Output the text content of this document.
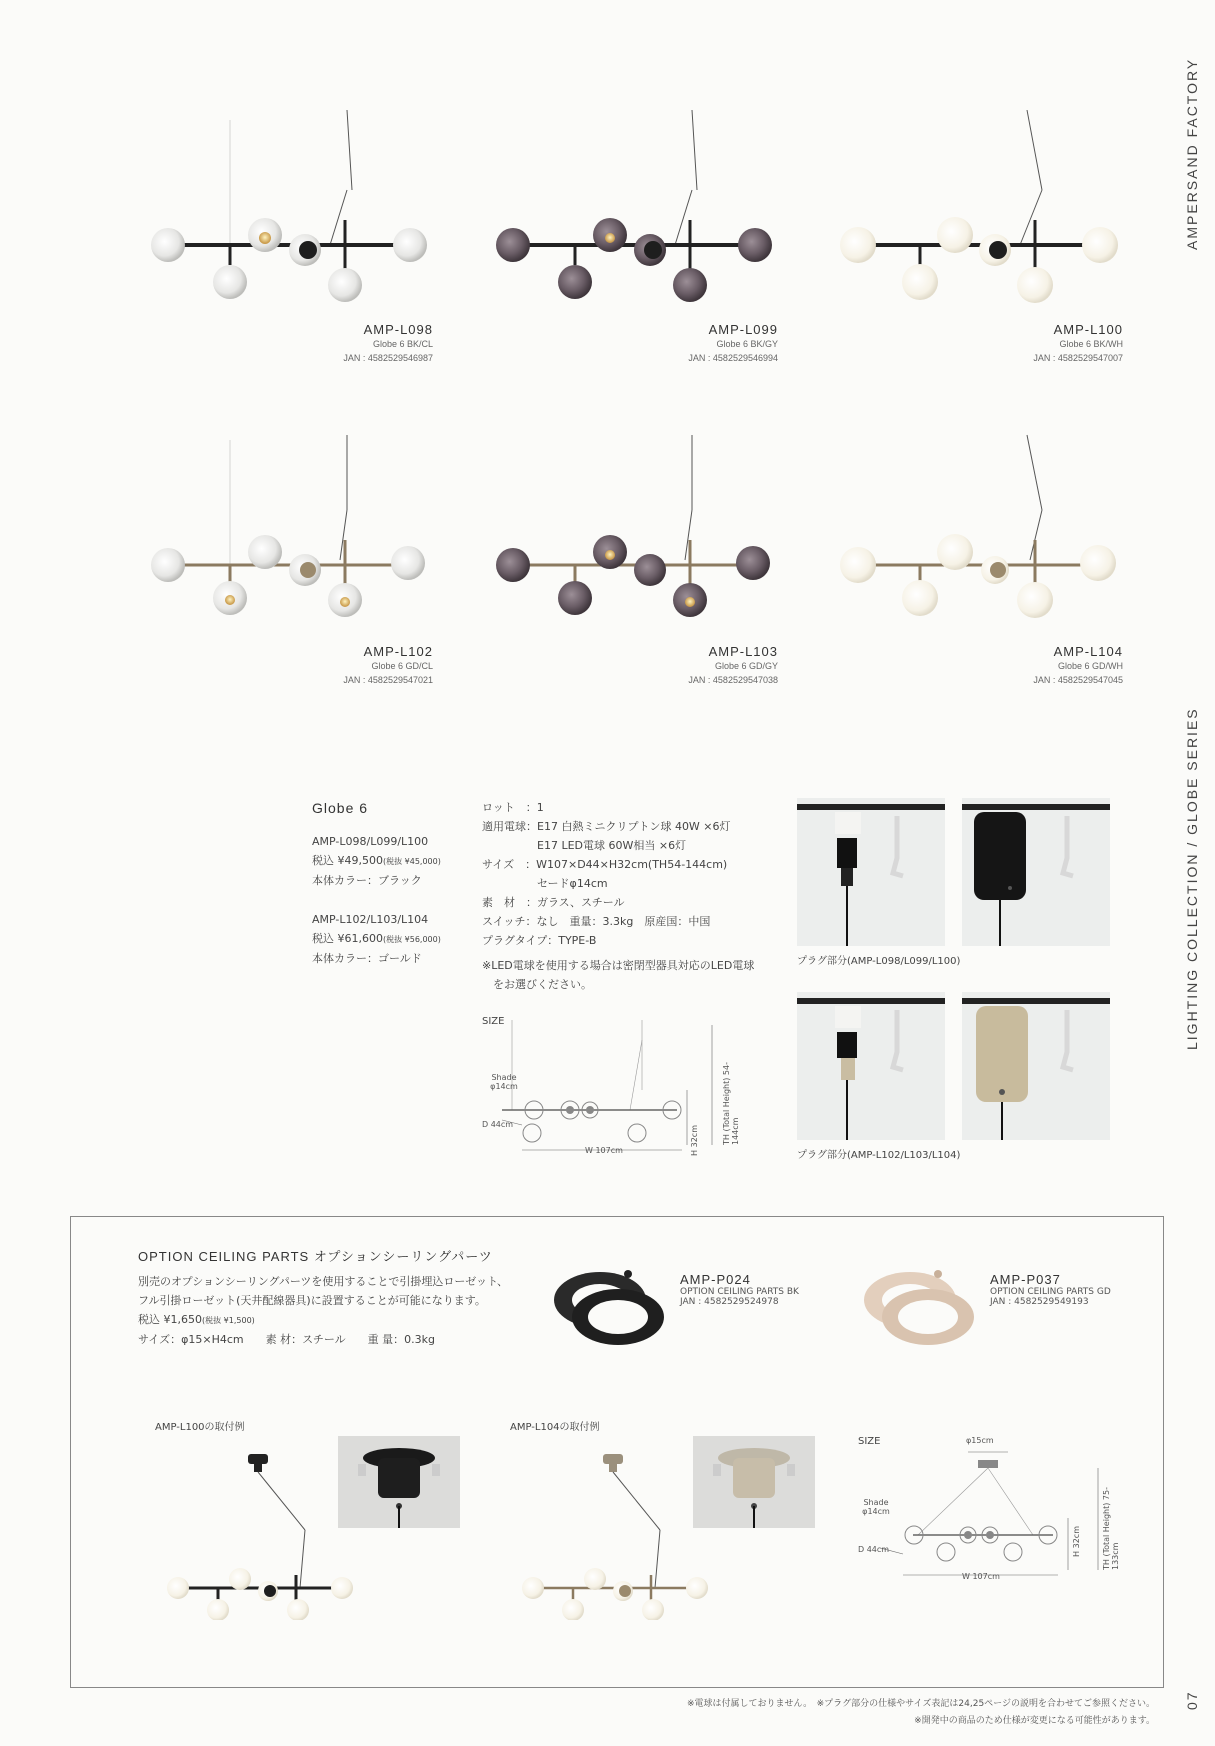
AMPERSAND FACTORY
LIGHTING COLLECTION / GLOBE SERIES
07
AMP-L098
Globe 6 BK/CL
JAN : 4582529546987
AMP-L099
Globe 6 BK/GY
JAN : 4582529546994
AMP-L100
Globe 6 BK/WH
JAN : 4582529547007
AMP-L102
Globe 6 GD/CL
JAN : 4582529547021
AMP-L103
Globe 6 GD/GY
JAN : 4582529547038
AMP-L104
Globe 6 GD/WH
JAN : 4582529547045
Globe 6
AMP-L098/L099/L100
税込 ¥49,500(税抜 ¥45,000)
本体カラー：ブラック
AMP-L102/L103/L104
税込 ¥61,600(税抜 ¥56,000)
本体カラー：ゴールド
ロット　：1
適用電球：E17 白熱ミニクリプトン球 40W ×6灯
　　　　　E17 LED電球 60W相当 ×6灯
サイズ　：W107×D44×H32cm(TH54-144cm)
　　　　　セードφ14cm
素　材　：ガラス、スチール
スイッチ：なし　重量：3.3kg　原産国：中国
プラグタイプ：TYPE-B
※LED電球を使用する場合は密閉型器具対応のLED電球
　をお選びください。
SIZE
Shade φ14cm
D 44cm
W 107cm	H 32cm	TH (Total Height) 54-144cm
プラグ部分(AMP-L098/L099/L100)
プラグ部分(AMP-L102/L103/L104)
OPTION CEILING PARTS オプションシーリングパーツ
別売のオプションシーリングパーツを使用することで引掛埋込ローゼット、
フル引掛ローゼット(天井配線器具)に設置することが可能になります。
税込 ¥1,650(税抜 ¥1,500)
サイズ：φ15×H4cm　　素 材：スチール　　重 量：0.3kg
AMP-P024
OPTION CEILING PARTS BK
JAN : 4582529524978
AMP-P037
OPTION CEILING PARTS GD
JAN : 4582529549193
AMP-L100の取付例	AMP-L104の取付例
SIZE	φ15cm
Shade φ14cm
D 44cm
W 107cm
H 32cm	TH (Total Height) 75-133cm
※電球は付属しておりません。　※プラグ部分の仕様やサイズ表記は24,25ページの説明を合わせてご参照ください。
※開発中の商品のため仕様が変更になる可能性があります。
